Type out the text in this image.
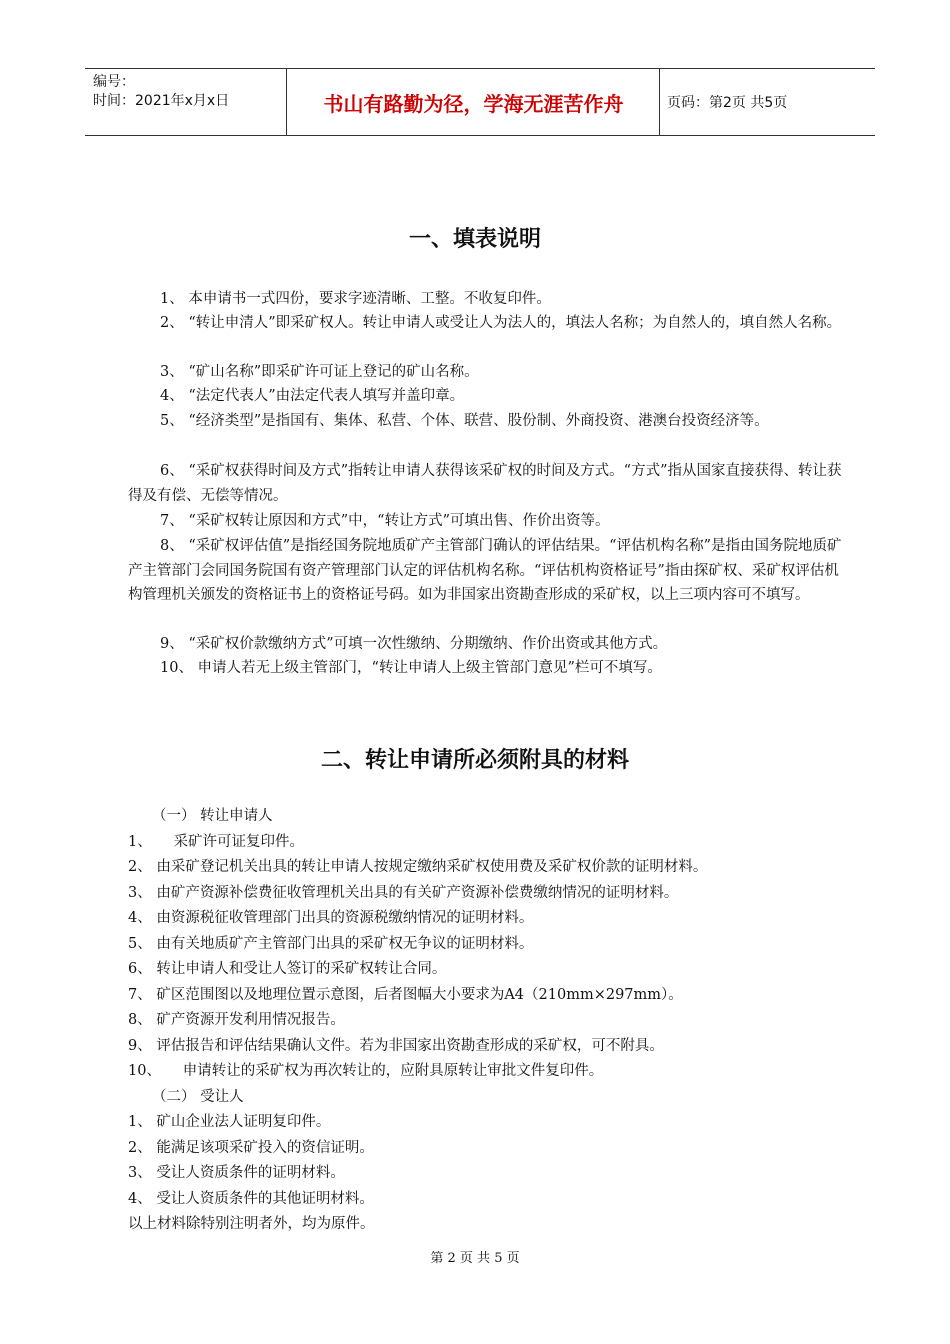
编号：
时间：2021年x月x日	书山有路勤为径，学海无涯苦作舟	页码：第2页 共5页
一、填表说明
1、 本申请书一式四份，要求字迹清晰、工整。不收复印件。
2、 “转让申清人”即采矿权人。转让申请人或受让人为法人的，填法人名称；为自然人的，填自然人名称。
3、 “矿山名称”即采矿许可证上登记的矿山名称。
4、 “法定代表人”由法定代表人填写并盖印章。
5、 “经济类型”是指国有、集体、私营、个体、联营、股份制、外商投资、港澳台投资经济等。
6、 “采矿权获得时间及方式”指转让申请人获得该采矿权的时间及方式。“方式”指从国家直接获得、转让获得及有偿、无偿等情况。
7、 “采矿权转让原因和方式”中，“转让方式”可填出售、作价出资等。
8、 “采矿权评估值”是指经国务院地质矿产主管部门确认的评估结果。“评估机构名称”是指由国务院地质矿产主管部门会同国务院国有资产管理部门认定的评估机构名称。“评估机构资格证号”指由探矿权、采矿权评估机构管理机关颁发的资格证书上的资格证号码。如为非国家出资勘查形成的采矿权，以上三项内容可不填写。
9、 “采矿权价款缴纳方式”可填一次性缴纳、分期缴纳、作价出资或其他方式。
10、 申请人若无上级主管部门，“转让申请人上级主管部门意见”栏可不填写。
二、转让申请所必须附具的材料
（一） 转让申请人
1、　　采矿许可证复印件。
2、 由采矿登记机关出具的转让申请人按规定缴纳采矿权使用费及采矿权价款的证明材料。
3、 由矿产资源补偿费征收管理机关出具的有关矿产资源补偿费缴纳情况的证明材料。
4、 由资源税征收管理部门出具的资源税缴纳情况的证明材料。
5、 由有关地质矿产主管部门出具的采矿权无争议的证明材料。
6、 转让申请人和受让人签订的采矿权转让合同。
7、 矿区范围图以及地理位置示意图，后者图幅大小要求为A4（210mm×297mm）。
8、 矿产资源开发利用情况报告。
9、 评估报告和评估结果确认文件。若为非国家出资勘查形成的采矿权，可不附具。
10、　　申请转让的采矿权为再次转让的，应附具原转让审批文件复印件。
（二） 受让人
1、 矿山企业法人证明复印件。
2、 能满足该项采矿投入的资信证明。
3、 受让人资质条件的证明材料。
4、 受让人资质条件的其他证明材料。
以上材料除特别注明者外，均为原件。
第 2 页 共 5 页
